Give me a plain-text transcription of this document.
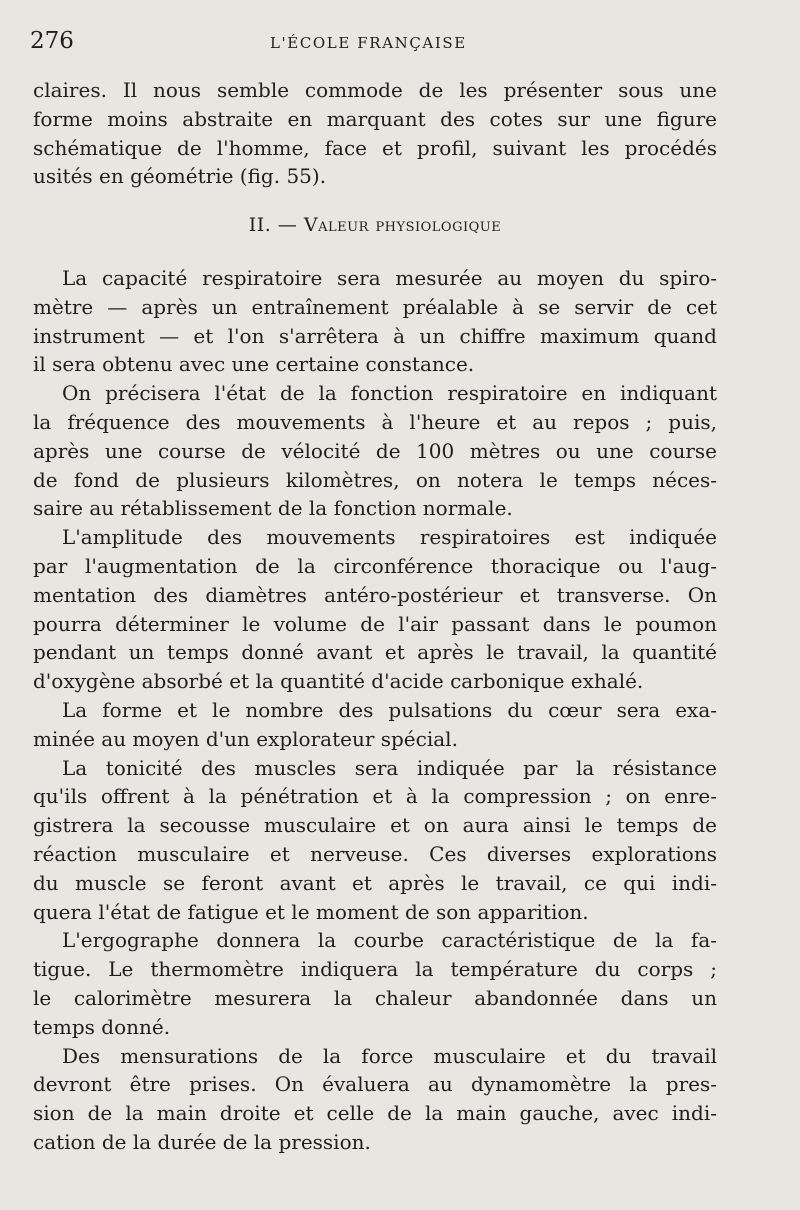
276	L'ÉCOLE FRANÇAISE
claires. Il nous semble commode de les présenter sous une
forme moins abstraite en marquant des cotes sur une figure
schématique de l'homme, face et profil, suivant les procédés
usités en géométrie (fig. 55).
II. — Valeur physiologique
La capacité respiratoire sera mesurée au moyen du spiro-
mètre — après un entraînement préalable à se servir de cet
instrument — et l'on s'arrêtera à un chiffre maximum quand
il sera obtenu avec une certaine constance.
On précisera l'état de la fonction respiratoire en indiquant
la fréquence des mouvements à l'heure et au repos ; puis,
après une course de vélocité de 100 mètres ou une course
de fond de plusieurs kilomètres, on notera le temps néces-
saire au rétablissement de la fonction normale.
L'amplitude des mouvements respiratoires est indiquée
par l'augmentation de la circonférence thoracique ou l'aug-
mentation des diamètres antéro-postérieur et transverse. On
pourra déterminer le volume de l'air passant dans le poumon
pendant un temps donné avant et après le travail, la quantité
d'oxygène absorbé et la quantité d'acide carbonique exhalé.
La forme et le nombre des pulsations du cœur sera exa-
minée au moyen d'un explorateur spécial.
La tonicité des muscles sera indiquée par la résistance
qu'ils offrent à la pénétration et à la compression ; on enre-
gistrera la secousse musculaire et on aura ainsi le temps de
réaction musculaire et nerveuse. Ces diverses explorations
du muscle se feront avant et après le travail, ce qui indi-
quera l'état de fatigue et le moment de son apparition.
L'ergographe donnera la courbe caractéristique de la fa-
tigue. Le thermomètre indiquera la température du corps ;
le calorimètre mesurera la chaleur abandonnée dans un
temps donné.
Des mensurations de la force musculaire et du travail
devront être prises. On évaluera au dynamomètre la pres-
sion de la main droite et celle de la main gauche, avec indi-
cation de la durée de la pression.
